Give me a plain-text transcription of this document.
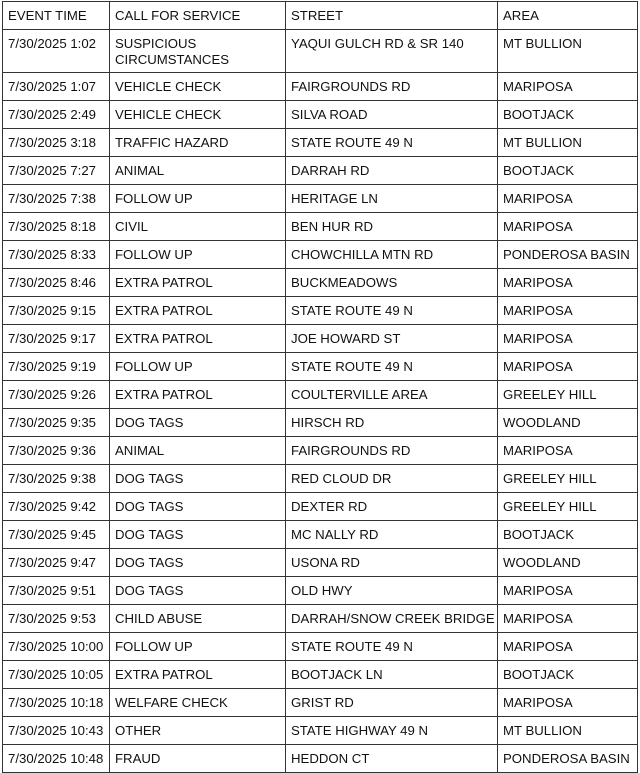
EVENT TIME	CALL FOR SERVICE	STREET	AREA
7/30/2025 1:02	SUSPICIOUS CIRCUMSTANCES	YAQUI GULCH RD & SR 140	MT BULLION
7/30/2025 1:07	VEHICLE CHECK	FAIRGROUNDS RD	MARIPOSA
7/30/2025 2:49	VEHICLE CHECK	SILVA ROAD	BOOTJACK
7/30/2025 3:18	TRAFFIC HAZARD	STATE ROUTE 49 N	MT BULLION
7/30/2025 7:27	ANIMAL	DARRAH RD	BOOTJACK
7/30/2025 7:38	FOLLOW UP	HERITAGE LN	MARIPOSA
7/30/2025 8:18	CIVIL	BEN HUR RD	MARIPOSA
7/30/2025 8:33	FOLLOW UP	CHOWCHILLA MTN RD	PONDEROSA BASIN
7/30/2025 8:46	EXTRA PATROL	BUCKMEADOWS	MARIPOSA
7/30/2025 9:15	EXTRA PATROL	STATE ROUTE 49 N	MARIPOSA
7/30/2025 9:17	EXTRA PATROL	JOE HOWARD ST	MARIPOSA
7/30/2025 9:19	FOLLOW UP	STATE ROUTE 49 N	MARIPOSA
7/30/2025 9:26	EXTRA PATROL	COULTERVILLE AREA	GREELEY HILL
7/30/2025 9:35	DOG TAGS	HIRSCH RD	WOODLAND
7/30/2025 9:36	ANIMAL	FAIRGROUNDS RD	MARIPOSA
7/30/2025 9:38	DOG TAGS	RED CLOUD DR	GREELEY HILL
7/30/2025 9:42	DOG TAGS	DEXTER RD	GREELEY HILL
7/30/2025 9:45	DOG TAGS	MC NALLY RD	BOOTJACK
7/30/2025 9:47	DOG TAGS	USONA RD	WOODLAND
7/30/2025 9:51	DOG TAGS	OLD HWY	MARIPOSA
7/30/2025 9:53	CHILD ABUSE	DARRAH/SNOW CREEK BRIDGE	MARIPOSA
7/30/2025 10:00	FOLLOW UP	STATE ROUTE 49 N	MARIPOSA
7/30/2025 10:05	EXTRA PATROL	BOOTJACK LN	BOOTJACK
7/30/2025 10:18	WELFARE CHECK	GRIST RD	MARIPOSA
7/30/2025 10:43	OTHER	STATE HIGHWAY 49 N	MT BULLION
7/30/2025 10:48	FRAUD	HEDDON CT	PONDEROSA BASIN
